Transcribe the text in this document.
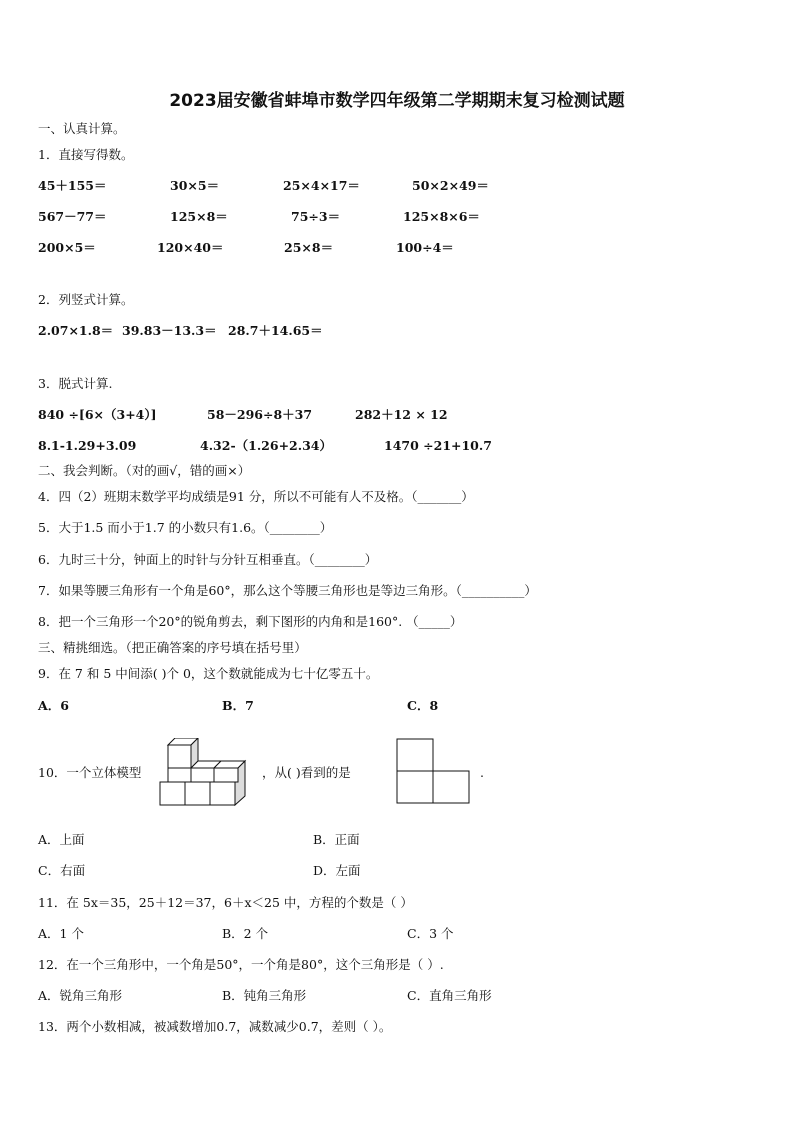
2023届安徽省蚌埠市数学四年级第二学期期末复习检测试题
一、认真计算。
1．直接写得数。
45＋155＝	30×5＝	25×4×17＝	50×2×49＝
567－77＝	125×8＝	75÷3＝	125×8×6＝
200×5＝	120×40＝	25×8＝	100÷4＝
2．列竖式计算。
2.07×1.8＝ 39.83－13.3＝ 28.7＋14.65＝
3．脱式计算.
840 ÷[6×（3+4）]	58－296÷8＋37	282＋12 × 12
8.1-1.29+3.09	4.32-（1.26+2.34）	1470 ÷21+10.7
二、我会判断。（对的画√，错的画×）
4．四（2）班期末数学平均成绩是91 分，所以不可能有人不及格。（_______）
5．大于1.5 而小于1.7 的小数只有1.6。（________）
6．九时三十分，钟面上的时针与分针互相垂直。（________）
7．如果等腰三角形有一个角是60°，那么这个等腰三角形也是等边三角形。（__________）
8．把一个三角形一个20°的锐角剪去，剩下图形的内角和是160°. （_____）
三、精挑细选。（把正确答案的序号填在括号里）
9．在 7 和 5 中间添( )个 0，这个数就能成为七十亿零五十。
A．6	B．7	C．8
10．一个立体模型	，从( )看到的是	.
A．上面	B．正面
C．右面	D．左面
11．在 5x＝35，25＋12＝37，6＋x＜25 中，方程的个数是（ ）
A．1 个	B．2 个	C．3 个
12．在一个三角形中，一个角是50°，一个角是80°，这个三角形是（ ）.
A．锐角三角形	B．钝角三角形	C．直角三角形
13．两个小数相减，被减数增加0.7，减数减少0.7，差则（ ）。
